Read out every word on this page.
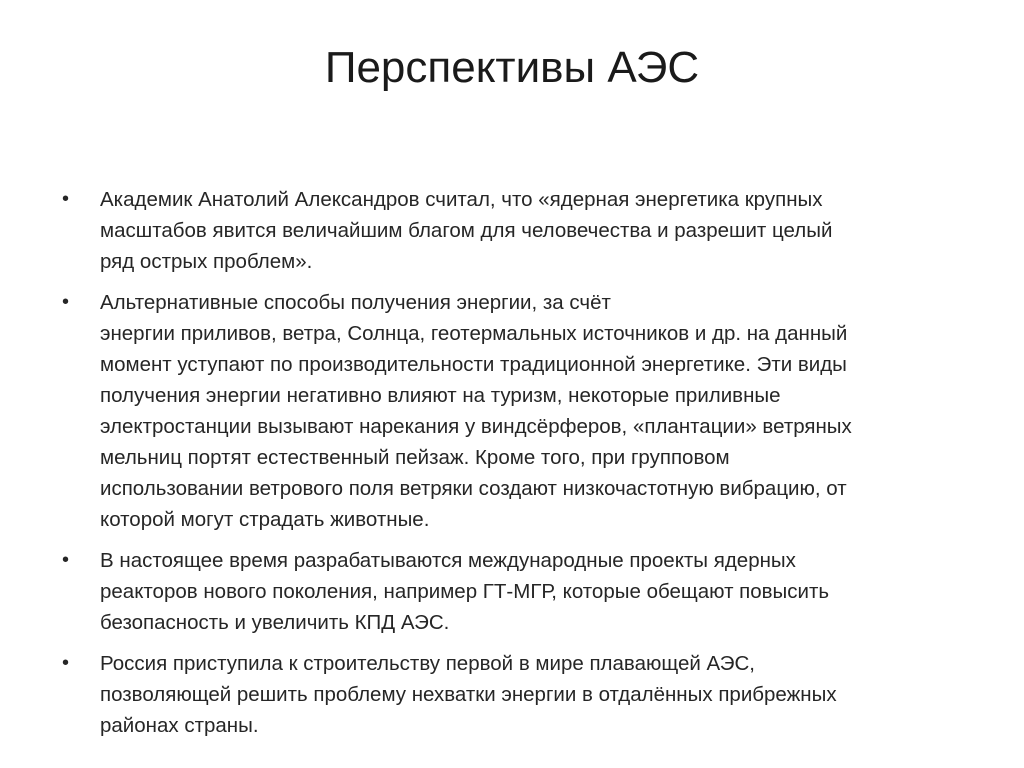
Перспективы АЭС
• Академик Анатолий Александров считал, что «ядерная энергетика крупных
масштабов явится величайшим благом для человечества и разрешит целый
ряд острых проблем».
• Альтернативные способы получения энергии, за счёт
энергии приливов, ветра, Солнца, геотермальных источников и др. на данный
момент уступают по производительности традиционной энергетике. Эти виды
получения энергии негативно влияют на туризм, некоторые приливные
электростанции вызывают нарекания у виндсёрферов, «плантации» ветряных
мельниц портят естественный пейзаж. Кроме того, при групповом
использовании ветрового поля ветряки создают низкочастотную вибрацию, от
которой могут страдать животные.
• В настоящее время разрабатываются международные проекты ядерных
реакторов нового поколения, например ГТ-МГР, которые обещают повысить
безопасность и увеличить КПД АЭС.
• Россия приступила к строительству первой в мире плавающей АЭС,
позволяющей решить проблему нехватки энергии в отдалённых прибрежных
районах страны.
